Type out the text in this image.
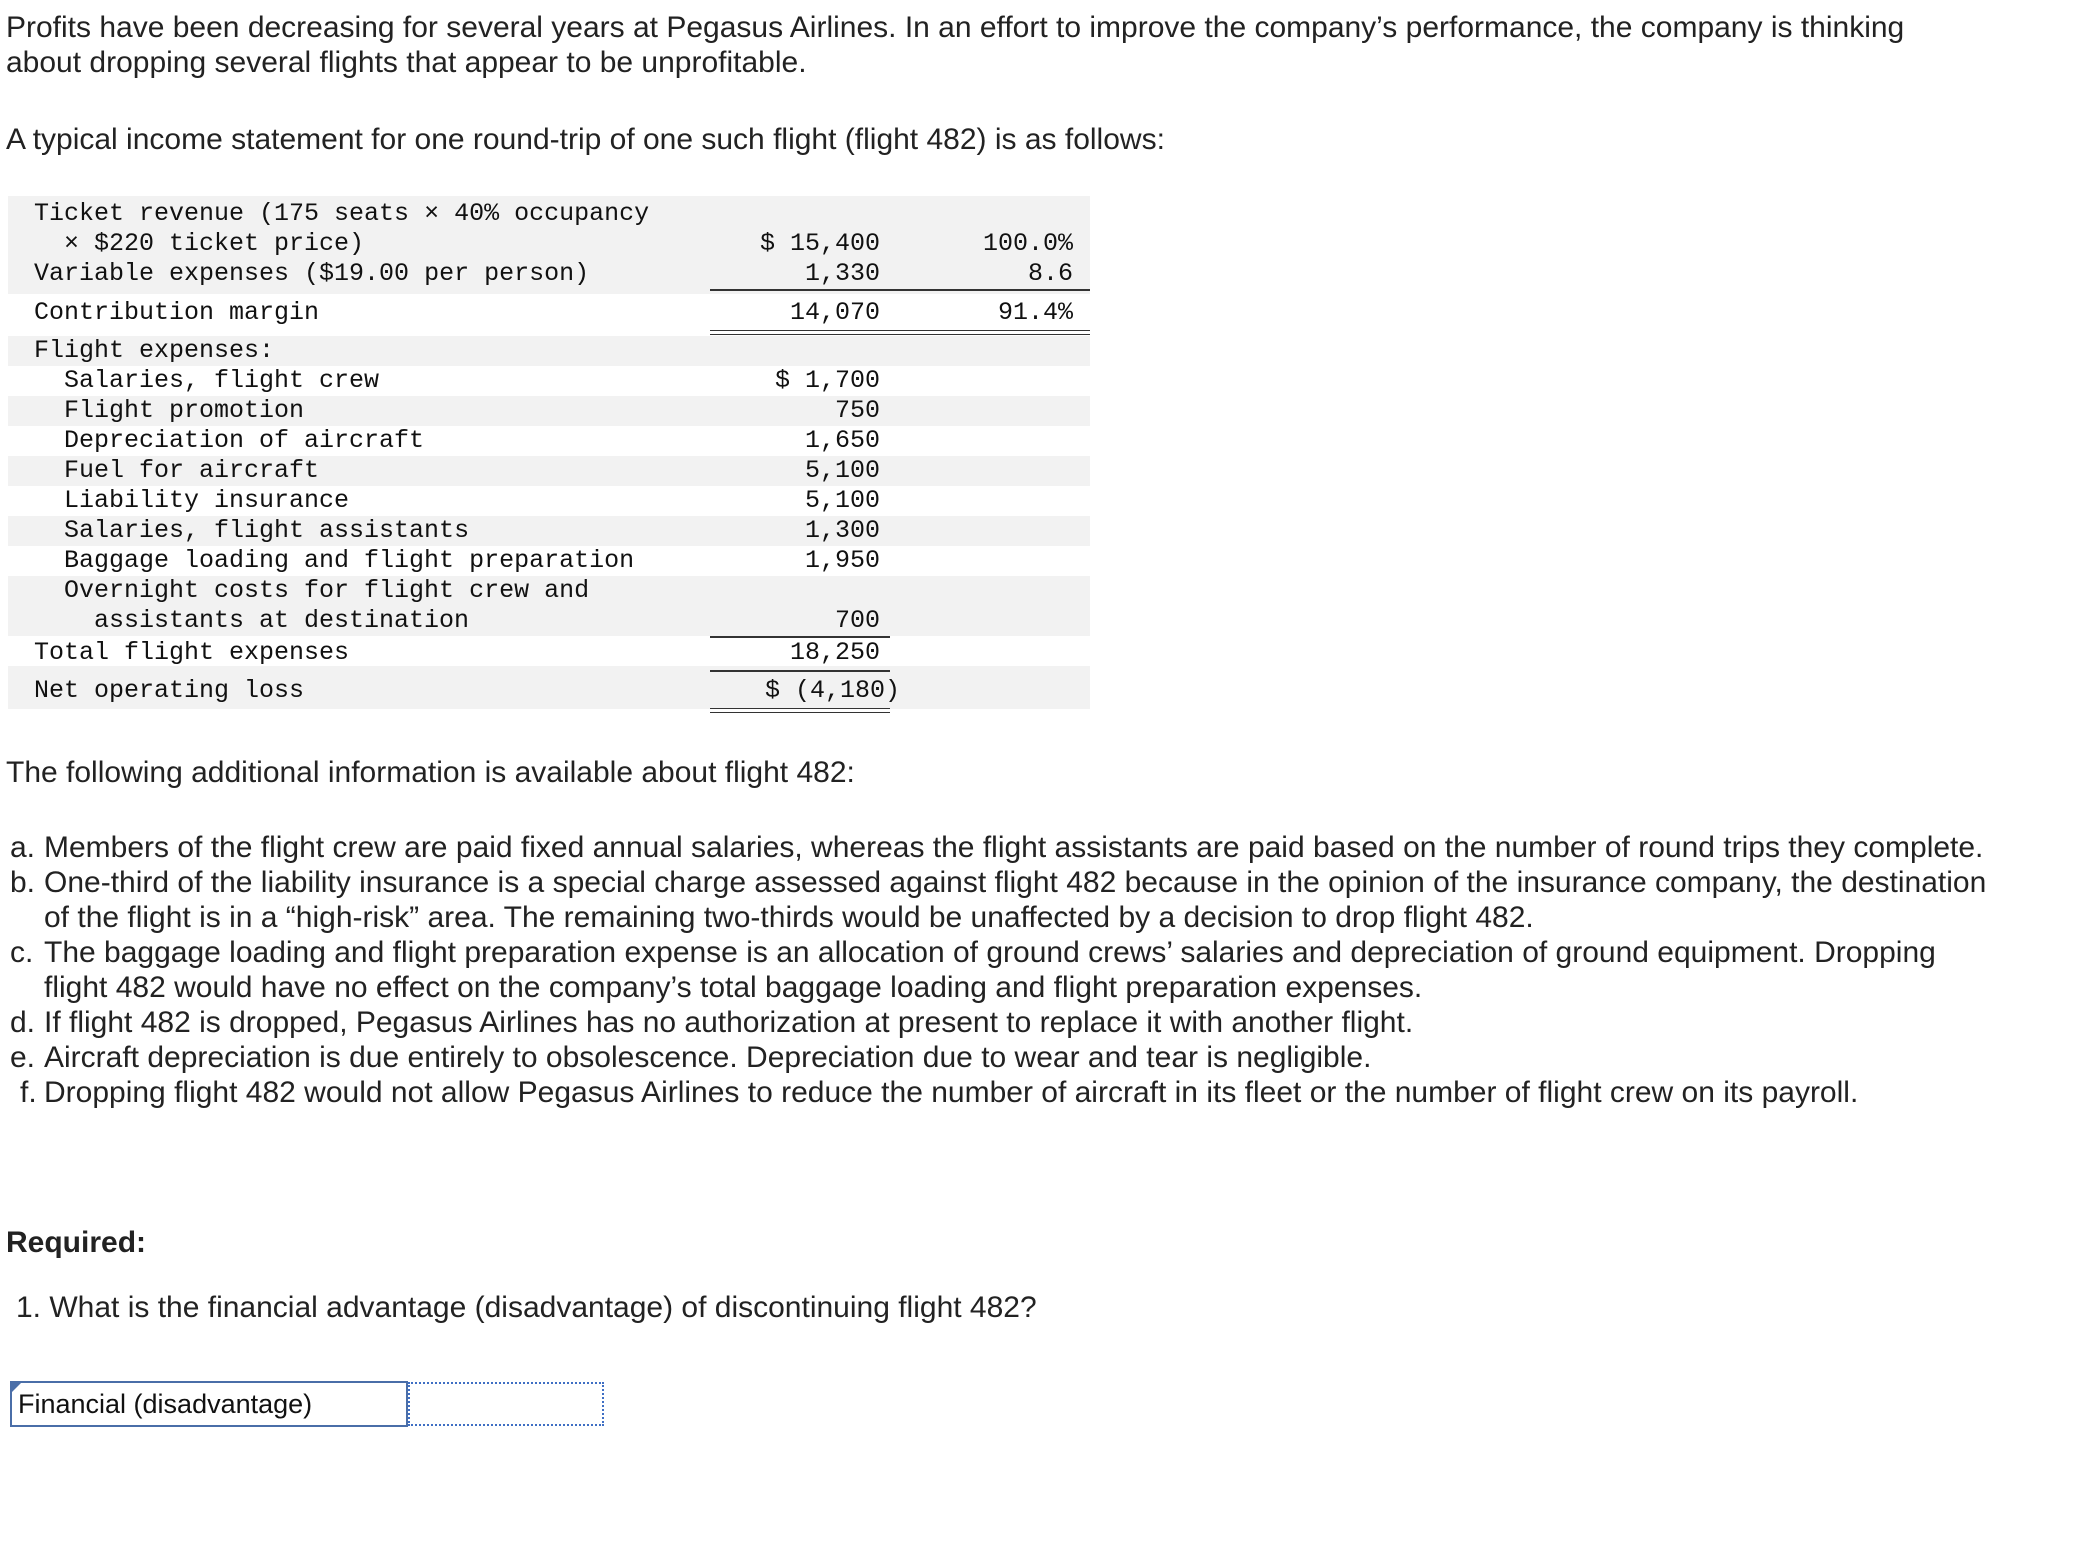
Profits have been decreasing for several years at Pegasus Airlines. In an effort to improve the company’s performance, the company is thinking about dropping several flights that appear to be unprofitable.

A typical income statement for one round-trip of one such flight (flight 482) is as follows:

Ticket revenue (175 seats × 40% occupancy
× $220 ticket price)	$ 15,400	100.0%
Variable expenses ($19.00 per person)	1,330	8.6
Contribution margin	14,070	91.4%
Flight expenses:
Salaries, flight crew	$ 1,700
Flight promotion	750
Depreciation of aircraft	1,650
Fuel for aircraft	5,100
Liability insurance	5,100
Salaries, flight assistants	1,300
Baggage loading and flight preparation	1,950
Overnight costs for flight crew and
assistants at destination	700
Total flight expenses	18,250
Net operating loss	$ (4,180)

The following additional information is available about flight 482:

a. Members of the flight crew are paid fixed annual salaries, whereas the flight assistants are paid based on the number of round trips they complete.
b. One-third of the liability insurance is a special charge assessed against flight 482 because in the opinion of the insurance company, the destination of the flight is in a “high-risk” area. The remaining two-thirds would be unaffected by a decision to drop flight 482.
c. The baggage loading and flight preparation expense is an allocation of ground crews’ salaries and depreciation of ground equipment. Dropping flight 482 would have no effect on the company’s total baggage loading and flight preparation expenses.
d. If flight 482 is dropped, Pegasus Airlines has no authorization at present to replace it with another flight.
e. Aircraft depreciation is due entirely to obsolescence. Depreciation due to wear and tear is negligible.
f. Dropping flight 482 would not allow Pegasus Airlines to reduce the number of aircraft in its fleet or the number of flight crew on its payroll.

Required:

1. What is the financial advantage (disadvantage) of discontinuing flight 482?

Financial (disadvantage)
